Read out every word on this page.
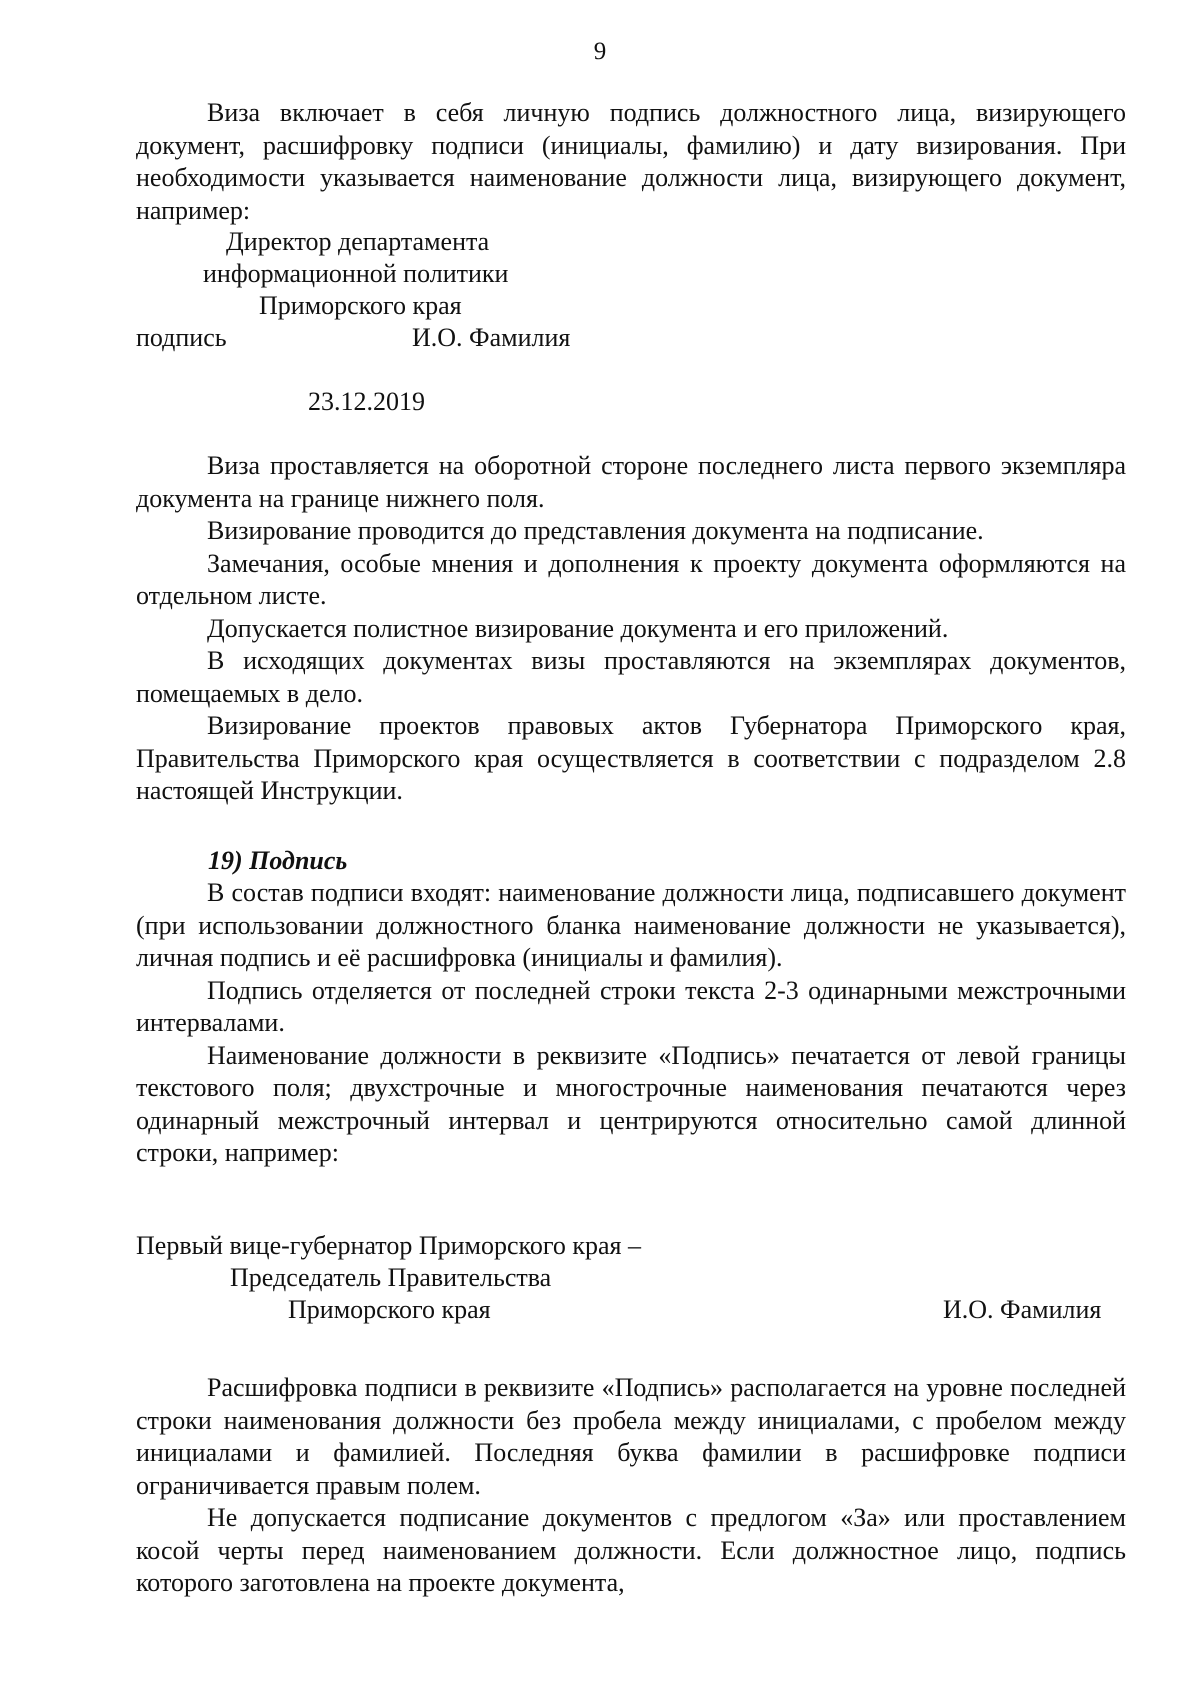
9

Виза включает в себя личную подпись должностного лица, визирующего документ, расшифровку подписи (инициалы, фамилию) и дату визирования. При необходимости указывается наименование должности лица, визирующего документ, например:

Директор департамента
информационной политики
Приморского края
подпись	И.О. Фамилия
23.12.2019

Виза проставляется на оборотной стороне последнего листа первого экземпляра документа на границе нижнего поля.

Визирование проводится до представления документа на подписание.

Замечания, особые мнения и дополнения к проекту документа оформляются на отдельном листе.

Допускается полистное визирование документа и его приложений.

В исходящих документах визы проставляются на экземплярах документов, помещаемых в дело.

Визирование проектов правовых актов Губернатора Приморского края, Правительства Приморского края осуществляется в соответствии с подразделом 2.8 настоящей Инструкции.

19) Подпись

В состав подписи входят: наименование должности лица, подписавшего документ (при использовании должностного бланка наименование должности не указывается), личная подпись и её расшифровка (инициалы и фамилия).

Подпись отделяется от последней строки текста 2-3 одинарными межстрочными интервалами.

Наименование должности в реквизите «Подпись» печатается от левой границы текстового поля; двухстрочные и многострочные наименования печатаются через одинарный межстрочный интервал и центрируются относительно самой длинной строки, например:

Первый вице-губернатор Приморского края –
Председатель Правительства
Приморского края	И.О. Фамилия

Расшифровка подписи в реквизите «Подпись» располагается на уровне последней строки наименования должности без пробела между инициалами, с пробелом между инициалами и фамилией. Последняя буква фамилии в расшифровке подписи ограничивается правым полем.

Не допускается подписание документов с предлогом «За» или проставлением косой черты перед наименованием должности. Если должностное лицо, подпись которого заготовлена на проекте документа,
